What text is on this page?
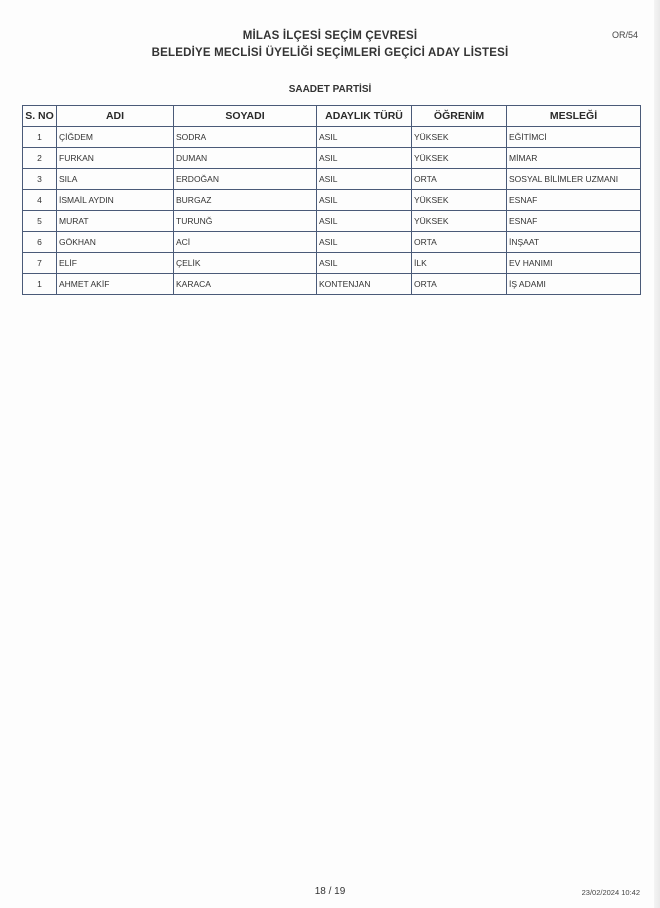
MİLAS İLÇESİ SEÇİM ÇEVRESİ
BELEDİYE MECLİSİ ÜYELİĞİ SEÇİMLERİ GEÇİCİ ADAY LİSTESİ
OR/54
SAADET PARTİSİ
S. NO	ADI	SOYADI	ADAYLIK TÜRÜ	ÖĞRENİM	MESLEĞİ
1	ÇİĞDEM	SODRA	ASIL	YÜKSEK	EĞİTİMCİ
2	FURKAN	DUMAN	ASIL	YÜKSEK	MİMAR
3	SILA	ERDOĞAN	ASIL	ORTA	SOSYAL BİLİMLER UZMANI
4	İSMAİL AYDIN	BURGAZ	ASIL	YÜKSEK	ESNAF
5	MURAT	TURUNĞ	ASIL	YÜKSEK	ESNAF
6	GÖKHAN	ACİ	ASIL	ORTA	İNŞAAT
7	ELİF	ÇELİK	ASIL	İLK	EV HANIMI
1	AHMET AKİF	KARACA	KONTENJAN	ORTA	İŞ ADAMI
18 / 19	23/02/2024 10:42
